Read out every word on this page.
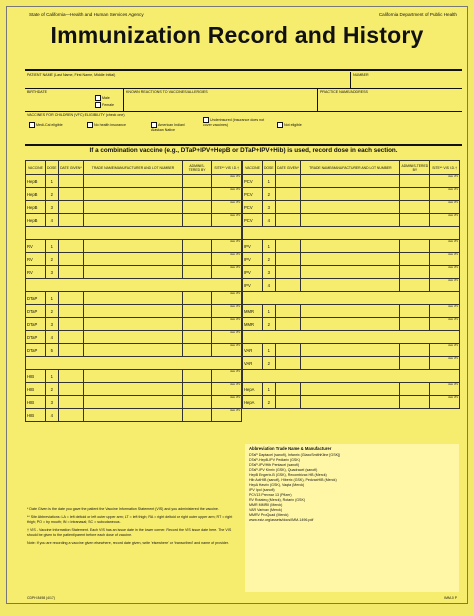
State of California—Health and Human Services Agency	California Department of Public Health
Immunization Record and History
PATIENT NAME (Last Name, First Name, Middle Initial)	NUMBER
BIRTHDATE
Male
Female
KNOWN REACTIONS TO VACCINES/ALLERGIES	PRACTICE NAME/ADDRESS
VACCINES FOR CHILDREN (VFC) ELIGIBILITY (check one)
Medi-Cal eligible	No health insurance	American Indian/ Alaskan Native
Underinsured (insurance does not cover vaccines)	Not eligible
If a combination vaccine (e.g., DTaP+IPV+HepB or DTaP+IPV+Hib) is used, record dose in each section.
VACCINE	DOSE	DATE GIVEN*	TRADE NAME/MANUFACTURER AND LOT NUMBER	ADMINIS-TERED BY	SITE** VIS I.D.†
HepB	1				date VIS
HepB	2				date VIS
HepB	3				date VIS
HepB	4				date VIS

RV	1				date VIS
RV	2				date VIS
RV	3				date VIS

DTaP	1				date VIS
DTaP	2				date VIS
DTaP	3				date VIS
DTaP	4				date VIS
DTaP	5				date VIS

HIB	1				date VIS
HIB	2				date VIS
HIB	3				date VIS
HIB	4				date VIS
VACCINE	DOSE	DATE GIVEN*	TRADE NAME/MANUFACTURER AND LOT NUMBER	ADMINIS-TERED BY	SITE** VIS I.D.†
PCV	1				date VIS
PCV	2				date VIS
PCV	3				date VIS
PCV	4				date VIS

IPV	1				date VIS
IPV	2				date VIS
IPV	3				date VIS
IPV	4				date VIS

MMR	1				date VIS
MMR	2				date VIS

VAR	1				date VIS
VAR	2				date VIS

HepA	1				date VIS
HepA	2				date VIS

* Date Given is the date you gave the patient the Vaccine Information Statement (VIS) and you administered the vaccine.

** Site Abbreviations: LA = left deltoid or left outer upper arm; LT = left thigh; RA = right deltoid or right outer upper arm; RT = right thigh; PO = by mouth; IN = intranasal; SC = subcutaneous.

† VIS - Vaccine Information Statement. Each VIS has an issue date in the lower corner. Record the VIS issue date here. The VIS should be given to the patient/parent before each dose of vaccine.

Note: If you are recording a vaccine given elsewhere, record date given, write 'elsewhere' or 'transcribed' and name of provider.

Abbreviation Trade Name & Manufacturer
DTaP Daptacel (sanofi), Infanrix (GlaxoSmithKline [GSK])
DTaP-HepB-IPV Pediarix (GSK)
DTaP-IPV/Hib Pentacel (sanofi)
DTaP-IPV Kinrix (GSK), Quadracel (sanofi)
HepB Engerix-B (GSK), Recombivax HB (Merck)
Hib ActHIB (sanofi), Hiberix (GSK), PedvaxHIB (Merck)
HepA Havrix (GSK), Vaqta (Merck)
IPV Ipol (sanofi)
PCV13 Prevnar 13 (Pfizer)
RV Rotateq (Merck), Rotarix (GSK)
MMR MMRII (Merck)
VAR Varivax (Merck)
MMRV ProQuad (Merck)
www.eziz.org/assets/docs/IMM-1496.pdf
CDPH 8498 (4/17)	IMM-0 P
